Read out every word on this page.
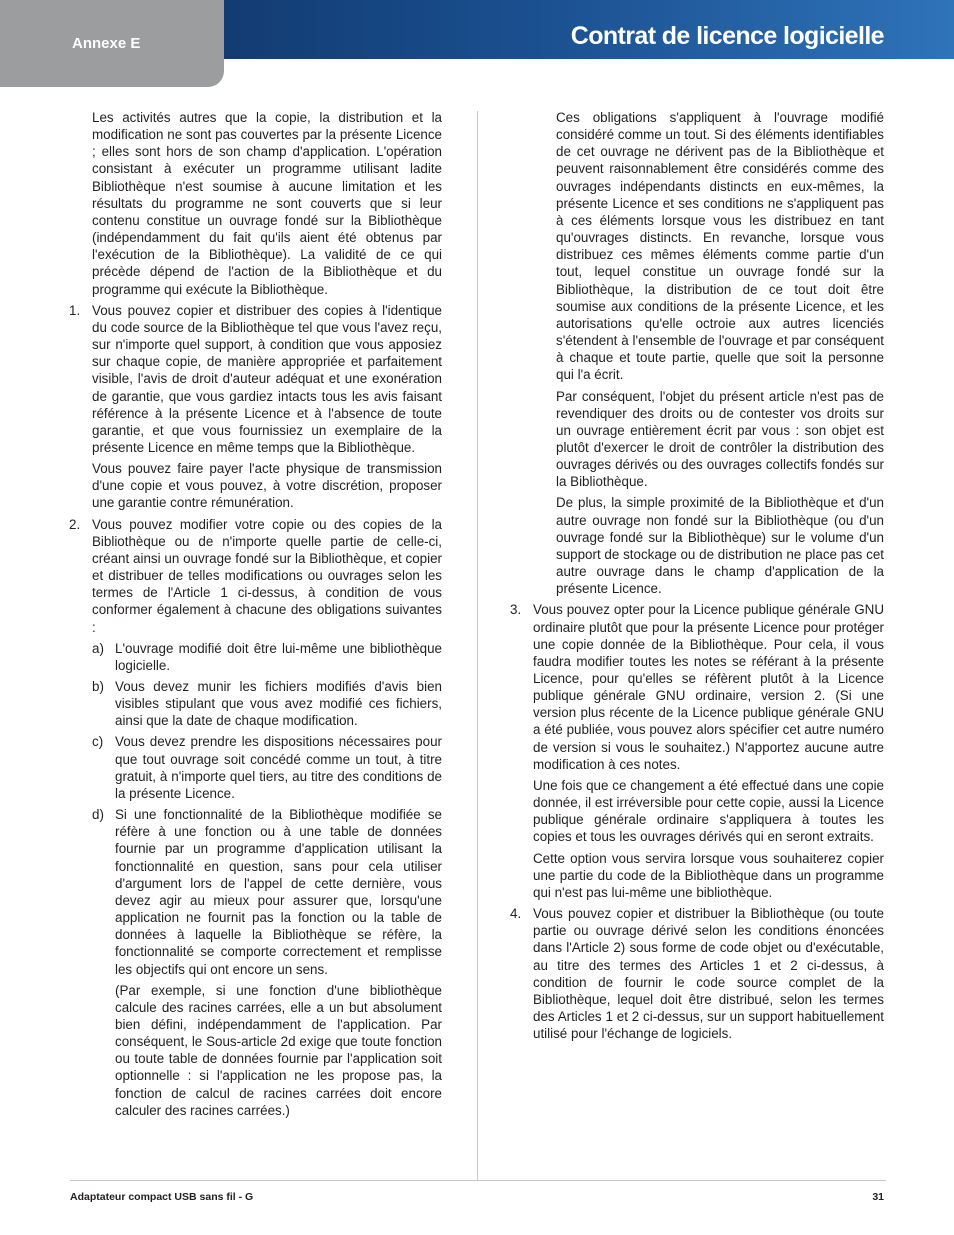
Annexe E	Contrat de licence logicielle

Les activités autres que la copie, la distribution et la modification ne sont pas couvertes par la présente Licence ; elles sont hors de son champ d'application. L'opération consistant à exécuter un programme utilisant ladite Bibliothèque n'est soumise à aucune limitation et les résultats du programme ne sont couverts que si leur contenu constitue un ouvrage fondé sur la Bibliothèque (indépendamment du fait qu'ils aient été obtenus par l'exécution de la Bibliothèque). La validité de ce qui précède dépend de l'action de la Bibliothèque et du programme qui exécute la Bibliothèque.

1. Vous pouvez copier et distribuer des copies à l'identique du code source de la Bibliothèque tel que vous l'avez reçu, sur n'importe quel support, à condition que vous apposiez sur chaque copie, de manière appropriée et parfaitement visible, l'avis de droit d'auteur adéquat et une exonération de garantie, que vous gardiez intacts tous les avis faisant référence à la présente Licence et à l'absence de toute garantie, et que vous fournissiez un exemplaire de la présente Licence en même temps que la Bibliothèque.

Vous pouvez faire payer l'acte physique de transmission d'une copie et vous pouvez, à votre discrétion, proposer une garantie contre rémunération.

2. Vous pouvez modifier votre copie ou des copies de la Bibliothèque ou de n'importe quelle partie de celle-ci, créant ainsi un ouvrage fondé sur la Bibliothèque, et copier et distribuer de telles modifications ou ouvrages selon les termes de l'Article 1 ci-dessus, à condition de vous conformer également à chacune des obligations suivantes :

a) L'ouvrage modifié doit être lui-même une bibliothèque logicielle.

b) Vous devez munir les fichiers modifiés d'avis bien visibles stipulant que vous avez modifié ces fichiers, ainsi que la date de chaque modification.

c) Vous devez prendre les dispositions nécessaires pour que tout ouvrage soit concédé comme un tout, à titre gratuit, à n'importe quel tiers, au titre des conditions de la présente Licence.

d) Si une fonctionnalité de la Bibliothèque modifiée se réfère à une fonction ou à une table de données fournie par un programme d'application utilisant la fonctionnalité en question, sans pour cela utiliser d'argument lors de l'appel de cette dernière, vous devez agir au mieux pour assurer que, lorsqu'une application ne fournit pas la fonction ou la table de données à laquelle la Bibliothèque se réfère, la fonctionnalité se comporte correctement et remplisse les objectifs qui ont encore un sens.

(Par exemple, si une fonction d'une bibliothèque calcule des racines carrées, elle a un but absolument bien défini, indépendamment de l'application. Par conséquent, le Sous-article 2d exige que toute fonction ou toute table de données fournie par l'application soit optionnelle : si l'application ne les propose pas, la fonction de calcul de racines carrées doit encore calculer des racines carrées.)

Ces obligations s'appliquent à l'ouvrage modifié considéré comme un tout. Si des éléments identifiables de cet ouvrage ne dérivent pas de la Bibliothèque et peuvent raisonnablement être considérés comme des ouvrages indépendants distincts en eux-mêmes, la présente Licence et ses conditions ne s'appliquent pas à ces éléments lorsque vous les distribuez en tant qu'ouvrages distincts. En revanche, lorsque vous distribuez ces mêmes éléments comme partie d'un tout, lequel constitue un ouvrage fondé sur la Bibliothèque, la distribution de ce tout doit être soumise aux conditions de la présente Licence, et les autorisations qu'elle octroie aux autres licenciés s'étendent à l'ensemble de l'ouvrage et par conséquent à chaque et toute partie, quelle que soit la personne qui l'a écrit.

Par conséquent, l'objet du présent article n'est pas de revendiquer des droits ou de contester vos droits sur un ouvrage entièrement écrit par vous : son objet est plutôt d'exercer le droit de contrôler la distribution des ouvrages dérivés ou des ouvrages collectifs fondés sur la Bibliothèque.

De plus, la simple proximité de la Bibliothèque et d'un autre ouvrage non fondé sur la Bibliothèque (ou d'un ouvrage fondé sur la Bibliothèque) sur le volume d'un support de stockage ou de distribution ne place pas cet autre ouvrage dans le champ d'application de la présente Licence.

3. Vous pouvez opter pour la Licence publique générale GNU ordinaire plutôt que pour la présente Licence pour protéger une copie donnée de la Bibliothèque. Pour cela, il vous faudra modifier toutes les notes se référant à la présente Licence, pour qu'elles se réfèrent plutôt à la Licence publique générale GNU ordinaire, version 2. (Si une version plus récente de la Licence publique générale GNU a été publiée, vous pouvez alors spécifier cet autre numéro de version si vous le souhaitez.) N'apportez aucune autre modification à ces notes.

Une fois que ce changement a été effectué dans une copie donnée, il est irréversible pour cette copie, aussi la Licence publique générale ordinaire s'appliquera à toutes les copies et tous les ouvrages dérivés qui en seront extraits.

Cette option vous servira lorsque vous souhaiterez copier une partie du code de la Bibliothèque dans un programme qui n'est pas lui-même une bibliothèque.

4. Vous pouvez copier et distribuer la Bibliothèque (ou toute partie ou ouvrage dérivé selon les conditions énoncées dans l'Article 2) sous forme de code objet ou d'exécutable, au titre des termes des Articles 1 et 2 ci-dessus, à condition de fournir le code source complet de la Bibliothèque, lequel doit être distribué, selon les termes des Articles 1 et 2 ci-dessus, sur un support habituellement utilisé pour l'échange de logiciels.

Adaptateur compact USB sans fil - G	31
